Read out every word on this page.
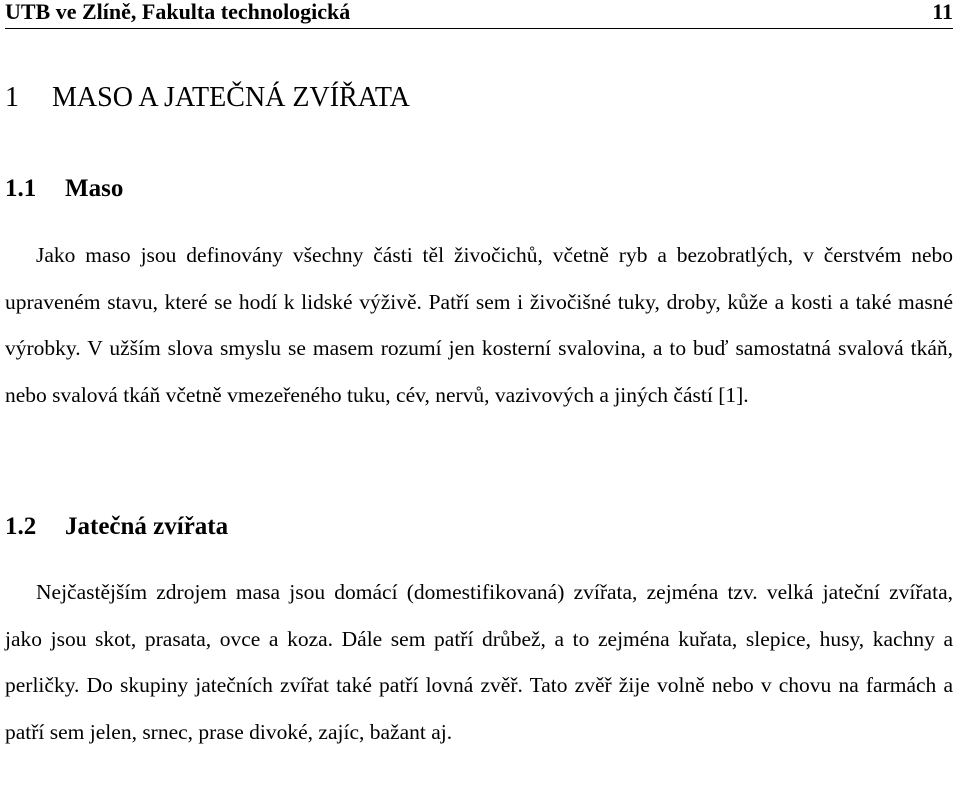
UTB ve Zlíně, Fakulta technologická	11
1 MASO A JATEČNÁ ZVÍŘATA
1.1 Maso

Jako maso jsou definovány všechny části těl živočichů, včetně ryb a bezobratlých, v čerstvém nebo upraveném stavu, které se hodí k lidské výživě. Patří sem i živočišné tuky, droby, kůže a kosti a také masné výrobky. V užším slova smyslu se masem rozumí jen kosterní svalovina, a to buď samostatná svalová tkáň, nebo svalová tkáň včetně vmezeřeného tuku, cév, nervů, vazivových a jiných částí [1].

1.2 Jatečná zvířata

Nejčastějším zdrojem masa jsou domácí (domestifikovaná) zvířata, zejména tzv. velká jateční zvířata, jako jsou skot, prasata, ovce a koza. Dále sem patří drůbež, a to zejména kuřata, slepice, husy, kachny a perličky. Do skupiny jatečních zvířat také patří lovná zvěř. Tato zvěř žije volně nebo v chovu na farmách a patří sem jelen, srnec, prase divoké, zajíc, bažant aj.
